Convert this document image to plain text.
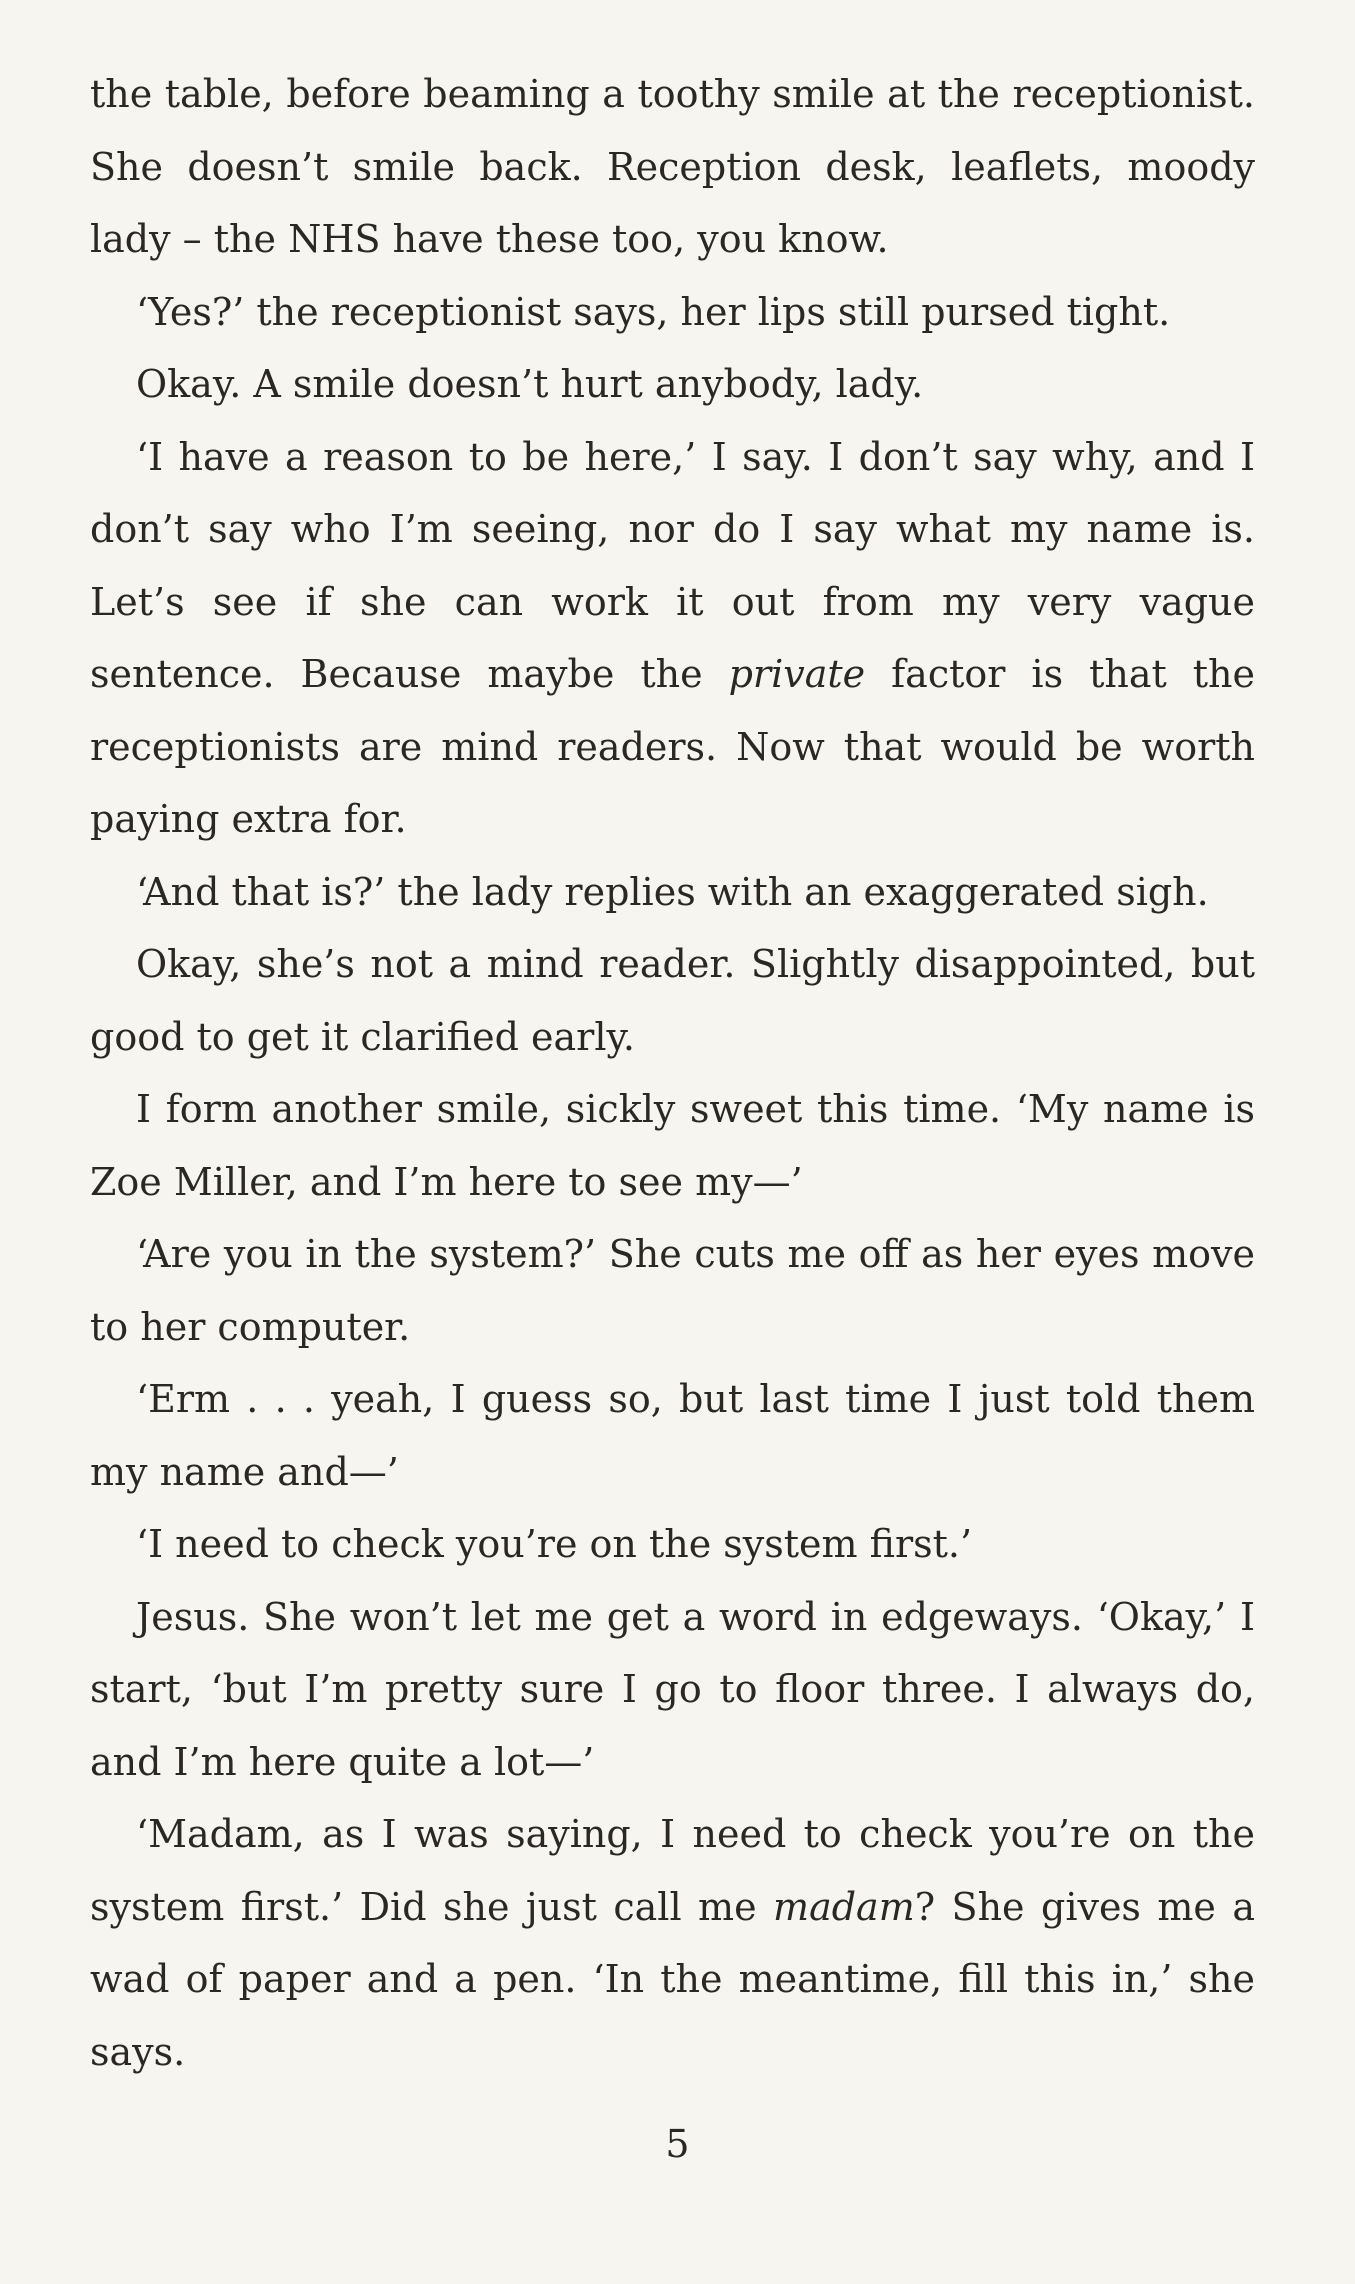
the table, before beaming a toothy smile at the receptionist. She doesn’t smile back. Reception desk, leaflets, moody lady – the NHS have these too, you know.

‘Yes?’ the receptionist says, her lips still pursed tight.

Okay. A smile doesn’t hurt anybody, lady.

‘I have a reason to be here,’ I say. I don’t say why, and I don’t say who I’m seeing, nor do I say what my name is. Let’s see if she can work it out from my very vague sentence. Because maybe the private factor is that the receptionists are mind readers. Now that would be worth paying extra for.

‘And that is?’ the lady replies with an exaggerated sigh.

Okay, she’s not a mind reader. Slightly disappointed, but good to get it clarified early.

I form another smile, sickly sweet this time. ‘My name is Zoe Miller, and I’m here to see my—’

‘Are you in the system?’ She cuts me off as her eyes move to her computer.

‘Erm . . . yeah, I guess so, but last time I just told them my name and—’

‘I need to check you’re on the system first.’

Jesus. She won’t let me get a word in edgeways. ‘Okay,’ I start, ‘but I’m pretty sure I go to floor three. I always do, and I’m here quite a lot—’

‘Madam, as I was saying, I need to check you’re on the system first.’ Did she just call me madam? She gives me a wad of paper and a pen. ‘In the meantime, fill this in,’ she says.

5
